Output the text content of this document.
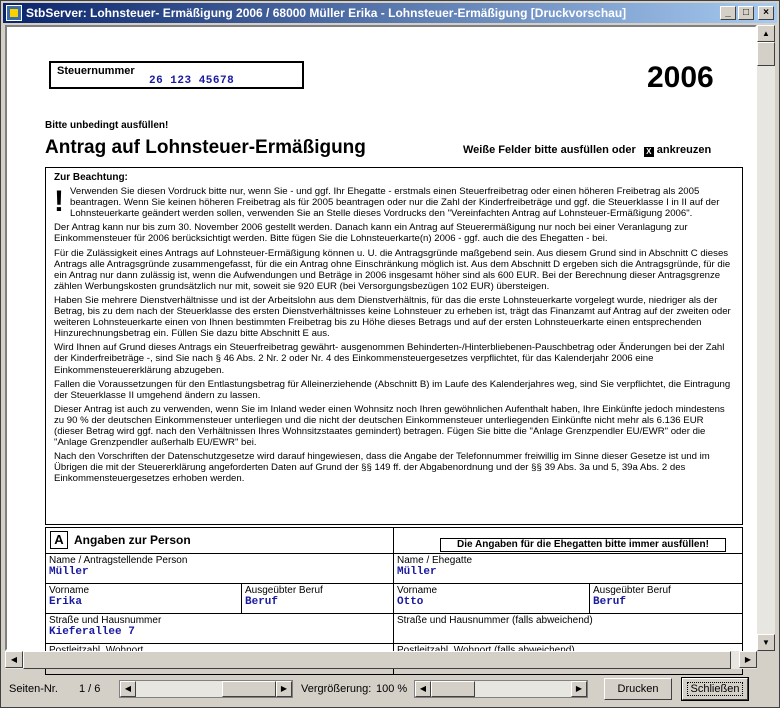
StbServer: Lohnsteuer- Ermäßigung 2006 / 68000 Müller Erika - Lohnsteuer-Ermäßigung [Druckvorschau]	_	□	×
Steuernummer
26 123 45678	2006
Bitte unbedingt ausfüllen!
Antrag auf Lohnsteuer-Ermäßigung	Weiße Felder bitte ausfüllen oder X ankreuzen
Zur Beachtung:
! Verwenden Sie diesen Vordruck bitte nur, wenn Sie - und ggf. Ihr Ehegatte - erstmals einen Steuerfreibetrag oder einen höheren Freibetrag als 2005 beantragen. Wenn Sie keinen höheren Freibetrag als für 2005 beantragen oder nur die Zahl der Kinderfreibeträge und ggf. die Steuerklasse I in II auf der Lohnsteuerkarte geändert werden sollen, verwenden Sie an Stelle dieses Vordrucks den "Vereinfachten Antrag auf Lohnsteuer-Ermäßigung 2006".
Der Antrag kann nur bis zum 30. November 2006 gestellt werden. Danach kann ein Antrag auf Steuerermäßigung nur noch bei einer Veranlagung zur Einkommensteuer für 2006 berücksichtigt werden. Bitte fügen Sie die Lohnsteuerkarte(n) 2006 - ggf. auch die des Ehegatten - bei.
Für die Zulässigkeit eines Antrags auf Lohnsteuer-Ermäßigung können u. U. die Antragsgründe maßgebend sein. Aus diesem Grund sind in Abschnitt C dieses Antrags alle Antragsgründe zusammengefasst, für die ein Antrag ohne Einschränkung möglich ist. Aus dem Abschnitt D ergeben sich die Antragsgründe, für die ein Antrag nur dann zulässig ist, wenn die Aufwendungen und Beträge in 2006 insgesamt höher sind als 600 EUR. Bei der Berechnung dieser Antragsgrenze zählen Werbungskosten grundsätzlich nur mit, soweit sie 920 EUR (bei Versorgungsbezügen 102 EUR) übersteigen.
Haben Sie mehrere Dienstverhältnisse und ist der Arbeitslohn aus dem Dienstverhältnis, für das die erste Lohnsteuerkarte vorgelegt wurde, niedriger als der Betrag, bis zu dem nach der Steuerklasse des ersten Dienstverhältnisses keine Lohnsteuer zu erheben ist, trägt das Finanzamt auf Antrag auf der zweiten oder weiteren Lohnsteuerkarte einen von Ihnen bestimmten Freibetrag bis zu Höhe dieses Betrags und auf der ersten Lohnsteuerkarte einen entsprechenden Hinzurechnungsbetrag ein. Füllen Sie dazu bitte Abschnitt E aus.
Wird Ihnen auf Grund dieses Antrags ein Steuerfreibetrag gewährt- ausgenommen Behinderten-/Hinterbliebenen-Pauschbetrag oder Änderungen bei der Zahl der Kinderfreibeträge -, sind Sie nach § 46 Abs. 2 Nr. 2 oder Nr. 4 des Einkommensteuergesetzes verpflichtet, für das Kalenderjahr 2006 eine Einkommensteuererklärung abzugeben.
Fallen die Voraussetzungen für den Entlastungsbetrag für Alleinerziehende (Abschnitt B) im Laufe des Kalenderjahres weg, sind Sie verpflichtet, die Eintragung der Steuerklasse II umgehend ändern zu lassen.
Dieser Antrag ist auch zu verwenden, wenn Sie im Inland weder einen Wohnsitz noch Ihren gewöhnlichen Aufenthalt haben, Ihre Einkünfte jedoch mindestens zu 90 % der deutschen Einkommensteuer unterliegen und die nicht der deutschen Einkommensteuer unterliegenden Einkünfte nicht mehr als 6.136 EUR (dieser Betrag wird ggf. nach den Verhältnissen Ihres Wohnsitzstaates gemindert) betragen. Fügen Sie bitte die "Anlage Grenzpendler EU/EWR" oder die "Anlage Grenzpendler außerhalb EU/EWR" bei.
Nach den Vorschriften der Datenschutzgesetze wird darauf hingewiesen, dass die Angabe der Telefonnummer freiwillig im Sinne dieser Gesetze ist und im Übrigen die mit der Steuererklärung angeforderten Daten auf Grund der §§ 149 ff. der Abgabenordnung und der §§ 39 Abs. 3a und 5, 39a Abs. 2 des Einkommensteuergesetzes erhoben werden.
A Angaben zur Person	Die Angaben für die Ehegatten bitte immer ausfüllen!
Name / Antragstellende Person
Müller
Name / Ehegatte
Müller
Vorname
Erika
Ausgeübter Beruf
Beruf
Vorname
Otto
Ausgeübter Beruf
Beruf
Straße und Hausnummer
Kieferallee 7
Straße und Hausnummer (falls abweichend)
▲
▼
◀	▶
Seiten-Nr.	1 / 6	◀	▶	Vergrößerung: 100 %	◀	▶	Drucken	Schließen
